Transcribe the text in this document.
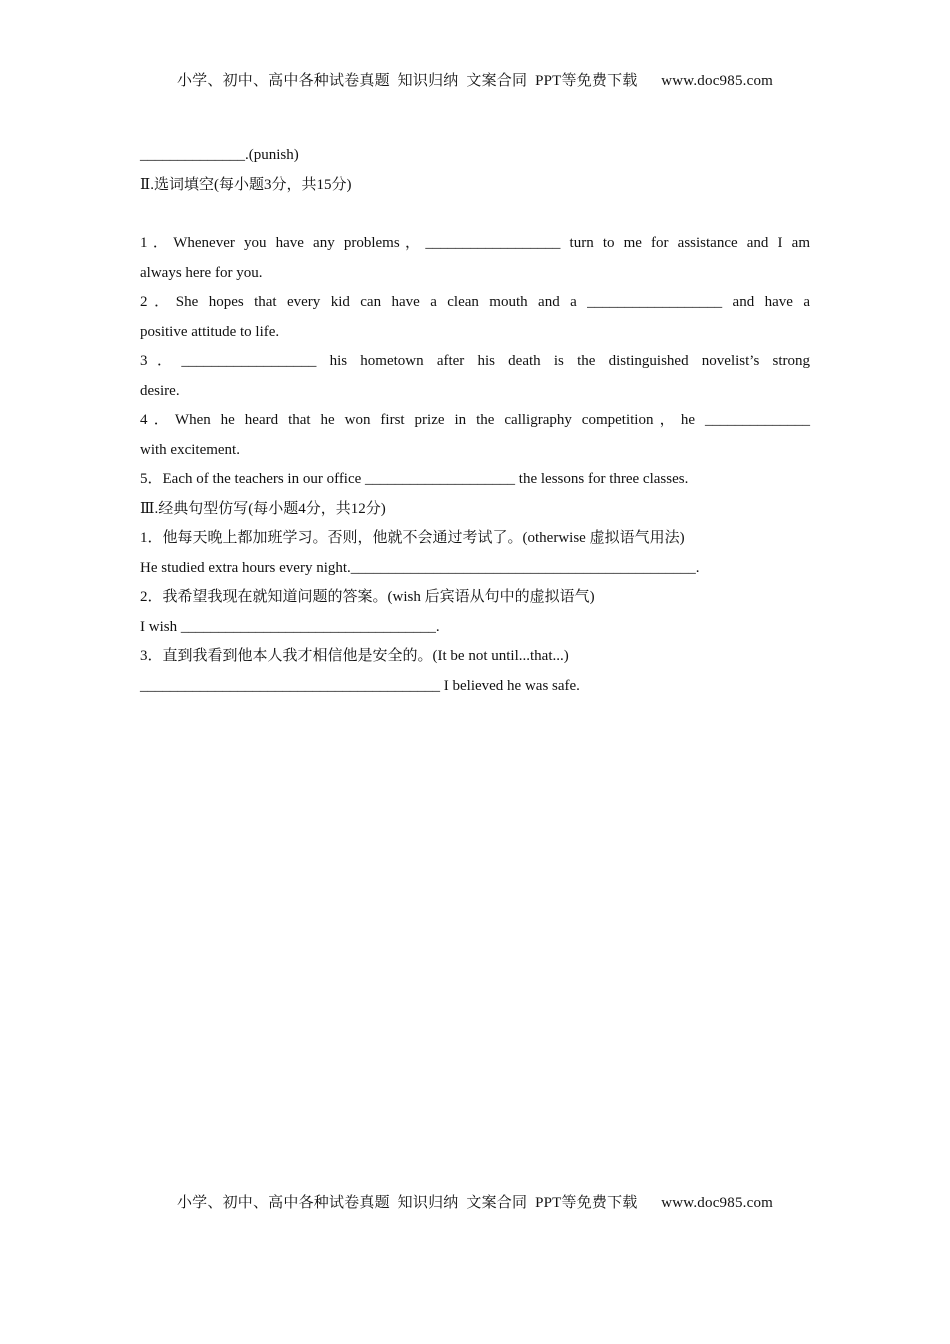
小学、初中、高中各种试卷真题  知识归纳  文案合同  PPT等免费下载      www.doc985.com
______________.(punish)
Ⅱ.选词填空(每小题3分，共15分)
1．Whenever you have any problems，__________________ turn to me for assistance and I am
always here for you.
2．She hopes that every kid can have a clean mouth and a __________________ and have a
positive attitude to life.
3．__________________ his hometown after his death is the distinguished novelist’s strong
desire.
4．When he heard that he won first prize in the calligraphy competition，he ______________
with excitement.
5．Each of the teachers in our office ____________________ the lessons for three classes.
Ⅲ.经典句型仿写(每小题4分，共12分)
1．他每天晚上都加班学习。否则，他就不会通过考试了。(otherwise 虚拟语气用法)
He studied extra hours every night.______________________________________________.
2．我希望我现在就知道问题的答案。(wish 后宾语从句中的虚拟语气)
I wish __________________________________.
3．直到我看到他本人我才相信他是安全的。(It be not until...that...)
________________________________________ I believed he was safe.
小学、初中、高中各种试卷真题  知识归纳  文案合同  PPT等免费下载      www.doc985.com
